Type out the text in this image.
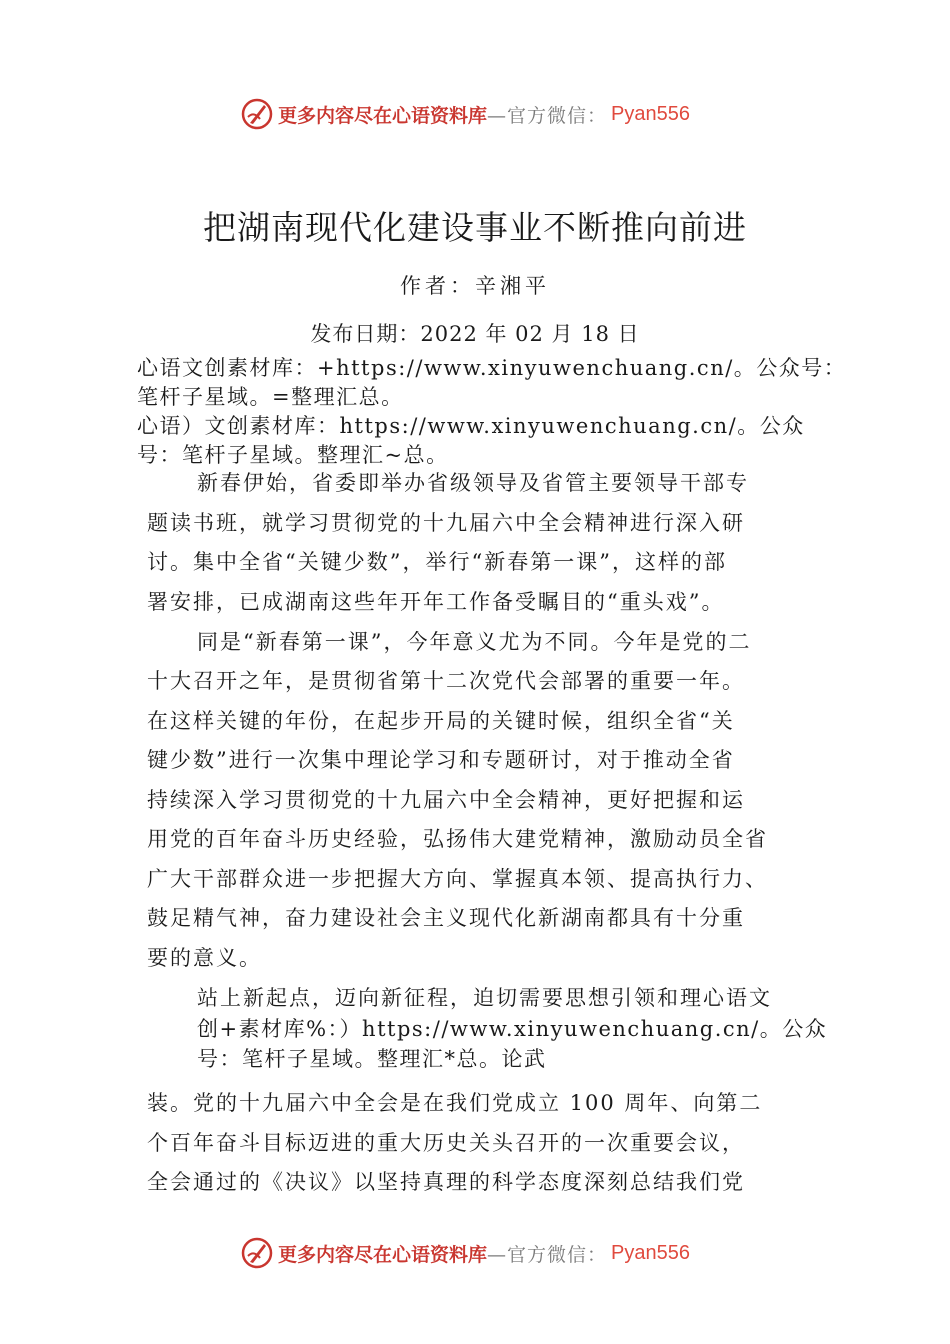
更多内容尽在心语资料库 —官方微信： Pyan556
把湖南现代化建设事业不断推向前进
作者：辛湘平
发布日期：2022 年 02 月 18 日
心语文创素材库：+https://www.xinyuwenchuang.cn/。公众号：
笔杆子星域。=整理汇总。
心语）文创素材库：https://www.xinyuwenchuang.cn/。公众
号：笔杆子星域。整理汇~总。
新春伊始，省委即举办省级领导及省管主要领导干部专
题读书班，就学习贯彻党的十九届六中全会精神进行深入研
讨。集中全省“关键少数”，举行“新春第一课”，这样的部
署安排，已成湖南这些年开年工作备受瞩目的“重头戏”。
同是“新春第一课”，今年意义尤为不同。今年是党的二
十大召开之年，是贯彻省第十二次党代会部署的重要一年。
在这样关键的年份，在起步开局的关键时候，组织全省“关
键少数”进行一次集中理论学习和专题研讨，对于推动全省
持续深入学习贯彻党的十九届六中全会精神，更好把握和运
用党的百年奋斗历史经验，弘扬伟大建党精神，激励动员全省
广大干部群众进一步把握大方向、掌握真本领、提高执行力、
鼓足精气神，奋力建设社会主义现代化新湖南都具有十分重
要的意义。
站上新起点，迈向新征程，迫切需要思想引领和理心语文
创+素材库%：）https://www.xinyuwenchuang.cn/。公众
号：笔杆子星域。整理汇*总。论武
装。党的十九届六中全会是在我们党成立 100 周年、向第二
个百年奋斗目标迈进的重大历史关头召开的一次重要会议，
全会通过的《决议》以坚持真理的科学态度深刻总结我们党
更多内容尽在心语资料库 —官方微信： Pyan556
